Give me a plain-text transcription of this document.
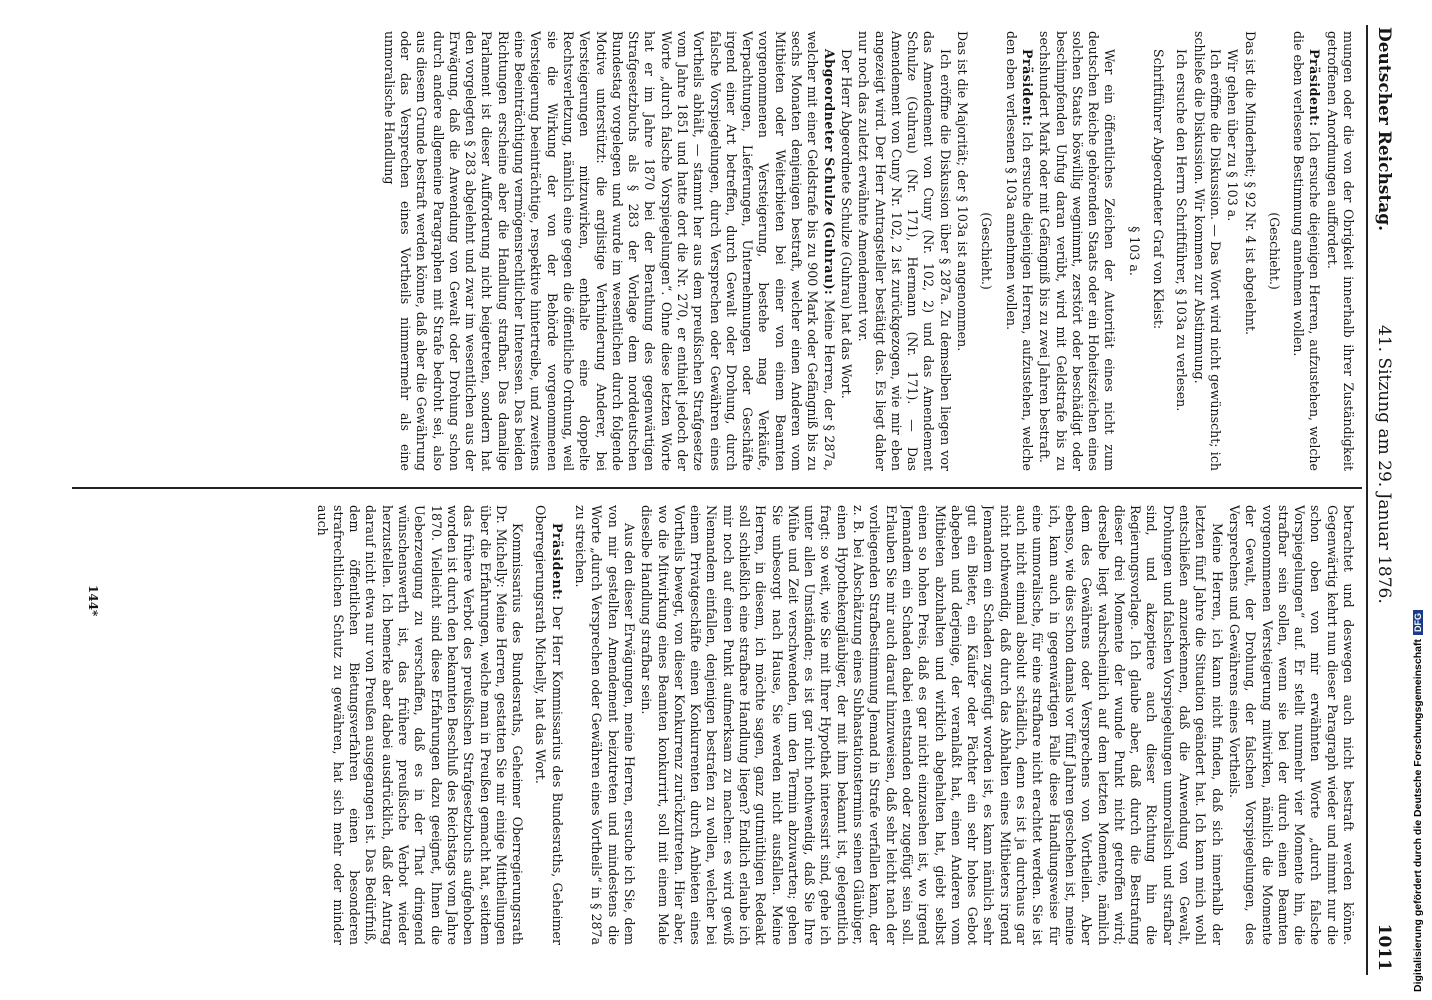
Deutscher Reichstag.
41. Sitzung am 29. Januar 1876.
1011

mungen oder die von der Obrigkeit innerhalb ihrer Zuständigkeit getroffenen Anordnungen auffordert.

Präsident: Ich ersuche diejenigen Herren, aufzustehen, welche die eben verlesene Bestimmung annehmen wollen.

(Geschieht.)

Das ist die Minderheit; § 92 Nr. 4 ist abgelehnt.

Wir gehen über zu § 103 a.

Ich eröffne die Diskussion. — Das Wort wird nicht gewünscht; ich schließe die Diskussion. Wir kommen zur Abstimmung.

Ich ersuche den Herrn Schriftführer, § 103a zu verlesen.

Schriftführer Abgeordneter Graf von Kleist:

§ 103 a.

Wer ein öffentliches Zeichen der Autorität eines nicht zum deutschen Reiche gehörenden Staats oder ein Hoheitszeichen eines solchen Staats böswillig wegnimmt, zerstört oder beschädigt oder beschimpfenden Unfug daran verübt, wird mit Geldstrafe bis zu sechshundert Mark oder mit Gefängniß bis zu zwei Jahren bestraft.

Präsident: Ich ersuche diejenigen Herren, aufzustehen, welche den eben verlesenen § 103a annehmen wollen.

(Geschieht.)

Das ist die Majorität; der § 103a ist angenommen.

Ich eröffne die Diskussion über § 287a. Zu demselben liegen vor das Amendement von Cuny (Nr. 102, 2) und das Amendement Schulze (Guhrau) (Nr. 171), Hermann (Nr. 171). — Das Amendement von Cuny Nr. 102, 2 ist zurückgezogen, wie mir eben angezeigt wird. Der Herr Antragsteller bestätigt das. Es liegt daher nur noch das zuletzt erwähnte Amendement vor.

Der Herr Abgeordnete Schulze (Guhrau) hat das Wort.

Abgeordneter Schulze (Guhrau): Meine Herren, der § 287a, welcher mit einer Geldstrafe bis zu 900 Mark oder Gefängniß bis zu sechs Monaten denjenigen bestraft, welcher einen Anderen vom Mitbieten oder Weiterbieten bei einer von einem Beamten vorgenommenen Versteigerung, bestehe mag Verkäufe, Verpachtungen, Lieferungen, Unternehmungen oder Geschäfte irgend einer Art betreffen, durch Gewalt oder Drohung, durch falsche Vorspiegelungen, durch Versprechen oder Gewähren eines Vortheils abhält, — stammt her aus dem preußischen Strafgesetze vom Jahre 1851 und hatte dort die Nr. 270, er enthielt jedoch der Worte „durch falsche Vorspiegelungen“. Ohne diese letzten Worte hat er im Jahre 1870 bei der Berathung des gegenwärtigen Strafgesetzbuchs als § 283 der Vorlage dem norddeutschen Bundestag vorgelegen und wurde im wesentlichen durch folgende Motive unterstützt: die arglistige Verhinderung Anderer, bei Versteigerungen mitzuwirken, enthalte eine doppelte Rechtsverletzung, nämlich eine gegen die öffentliche Ordnung, weil sie die Wirkung der von der Behörde vorgenommenen Versteigerung beeinträchtige, respektive hintertreibe, und zweitens eine Beeinträchtigung vermögensrechtlicher Interessen. Das beiden Richtungen erscheine aber die Handlung strafbar. Das damalige Parlament ist dieser Aufforderung nicht beigetreten, sondern hat den vorgelegten § 283 abgelehnt und zwar im wesentlichen aus der Erwägung, daß die Anwendung von Gewalt oder Drohung schon durch andere allgemeine Paragraphen mit Strafe bedroht sei, also aus diesem Grunde bestraft werden könne, daß aber die Gewährung oder das Versprechen eines Vortheils nimmermehr als eine unmoralische Handlung

betrachtet und deswegen auch nicht bestraft werden könne. Gegenwärtig kehrt nun dieser Paragraph wieder und nimmt nur die schon oben von mir erwähnten Worte „durch falsche Vorspiegelungen“ auf. Er stellt nunmehr vier Momente hin, die strafbar sein sollen, wenn sie bei der durch einen Beamten vorgenommenen Versteigerung mitwirken, nämlich die Momente der Gewalt, der Drohung, der falschen Vorspiegelungen, des Versprechens und Gewährens eines Vortheils.

Meine Herren, ich kann nicht finden, daß sich innerhalb der letzten fünf Jahre die Situation geändert hat. Ich kann mich wohl entschließen anzuerkennen, daß die Anwendung von Gewalt, Drohungen und falschen Vorspiegelungen unmoralisch und strafbar sind, und akzeptiere auch dieser Richtung hin die Regierungsvorlage. Ich glaube aber, daß durch die Bestrafung dieser drei Momente der wunde Punkt nicht getroffen wird; derselbe liegt wahrscheinlich auf dem letzten Momente, nämlich dem des Gewährens oder Versprechens von Vortheilen. Aber ebenso, wie dies schon damals vor fünf Jahren geschehen ist, meine ich, kann auch in gegenwärtigen Falle diese Handlungsweise für eine unmoralische, für eine strafbare nicht erachtet werden. Sie ist auch nicht einmal absolut schädlich, denn es ist ja durchaus gar nicht nothwendig, daß durch das Abhalten eines Mitbieters irgend Jemandem ein Schaden zugefügt worden ist, es kann nämlich sehr gut ein Bieter, ein Käufer oder Pächter ein sehr hohes Gebot abgeben und derjenige, der veranlaßt hat, einen Anderen vom Mitbieten abzuhalten und wirklich abgehalten hat, giebt selbst einen so hohen Preis, daß es gar nicht einzusehen ist, wo irgend Jemandem ein Schaden dabei entstanden oder zugefügt sein soll. Erlauben Sie mir auch darauf hinzuweisen, daß sehr leicht nach der vorliegenden Strafbestimmung Jemand in Strafe verfallen kann, der z. B. bei Abschätzung eines Subhastationstermins seinen Gläubiger, einen Hypothekengläubiger, der mit ihm bekannt ist, gelegentlich fragt: so weit, wie Sie mit Ihrer Hypothek interessirt sind, gehe ich unter allen Umständen; es ist gar nicht nothwendig, daß Sie Ihre Mühe und Zeit verschwenden, um den Termin abzuwarten; gehen Sie unbesorgt nach Hause, Sie werden nicht ausfallen. Meine Herren, in diesem, ich möchte sagen, ganz gutmüthigen Redeakt soll schließlich eine strafbare Handlung liegen? Endlich erlaube ich mir noch auf einen Punkt aufmerksam zu machen: es wird gewiß Niemandem einfallen, denjenigen bestrafen zu wollen, welcher bei einem Privatgeschäfte einen Konkurrenten durch Anbieten eines Vortheils bewegt, von dieser Konkurrenz zurückzutreten. Hier aber, wo die Mitwirkung eines Beamten konkurrirt, soll mit einem Male dieselbe Handlung strafbar sein.

Aus den dieser Erwägungen, meine Herren, ersuche ich Sie, dem von mir gestellten Amendement beizutreten und mindestens die Worte „durch Versprechen oder Gewähren eines Vortheils“ in § 287a zu streichen.

Präsident: Der Herr Kommissarius des Bundesraths, Geheimer Oberregierungsrath Michelly, hat das Wort.

Kommissarius des Bundesraths, Geheimer Oberregierungsrath Dr. Michelly: Meine Herren, gestatten Sie mir einige Mittheilungen über die Erfahrungen, welche man in Preußen gemacht hat, seitdem das frühere Verbot des preußischen Strafgesetzbuchs aufgehoben worden ist durch den bekannten Beschluß des Reichstags vom Jahre 1870. Vielleicht sind diese Erfahrungen dazu geeignet, Ihnen die Ueberzeugung zu verschaffen, daß es in der That dringend wünschenswerth ist, das frühere preußische Verbot wieder herzustellen. Ich bemerke aber dabei ausdrücklich, daß der Antrag darauf nicht etwa nur von Preußen ausgegangen ist. Das Bedürfniß, dem öffentlichen Bietungsverfahren einen besonderen strafrechtlichen Schutz zu gewähren, hat sich mehr oder minder auch

144*
Digitalisierung gefördert durch die Deutsche ForschungsgemeinschaftDFG
